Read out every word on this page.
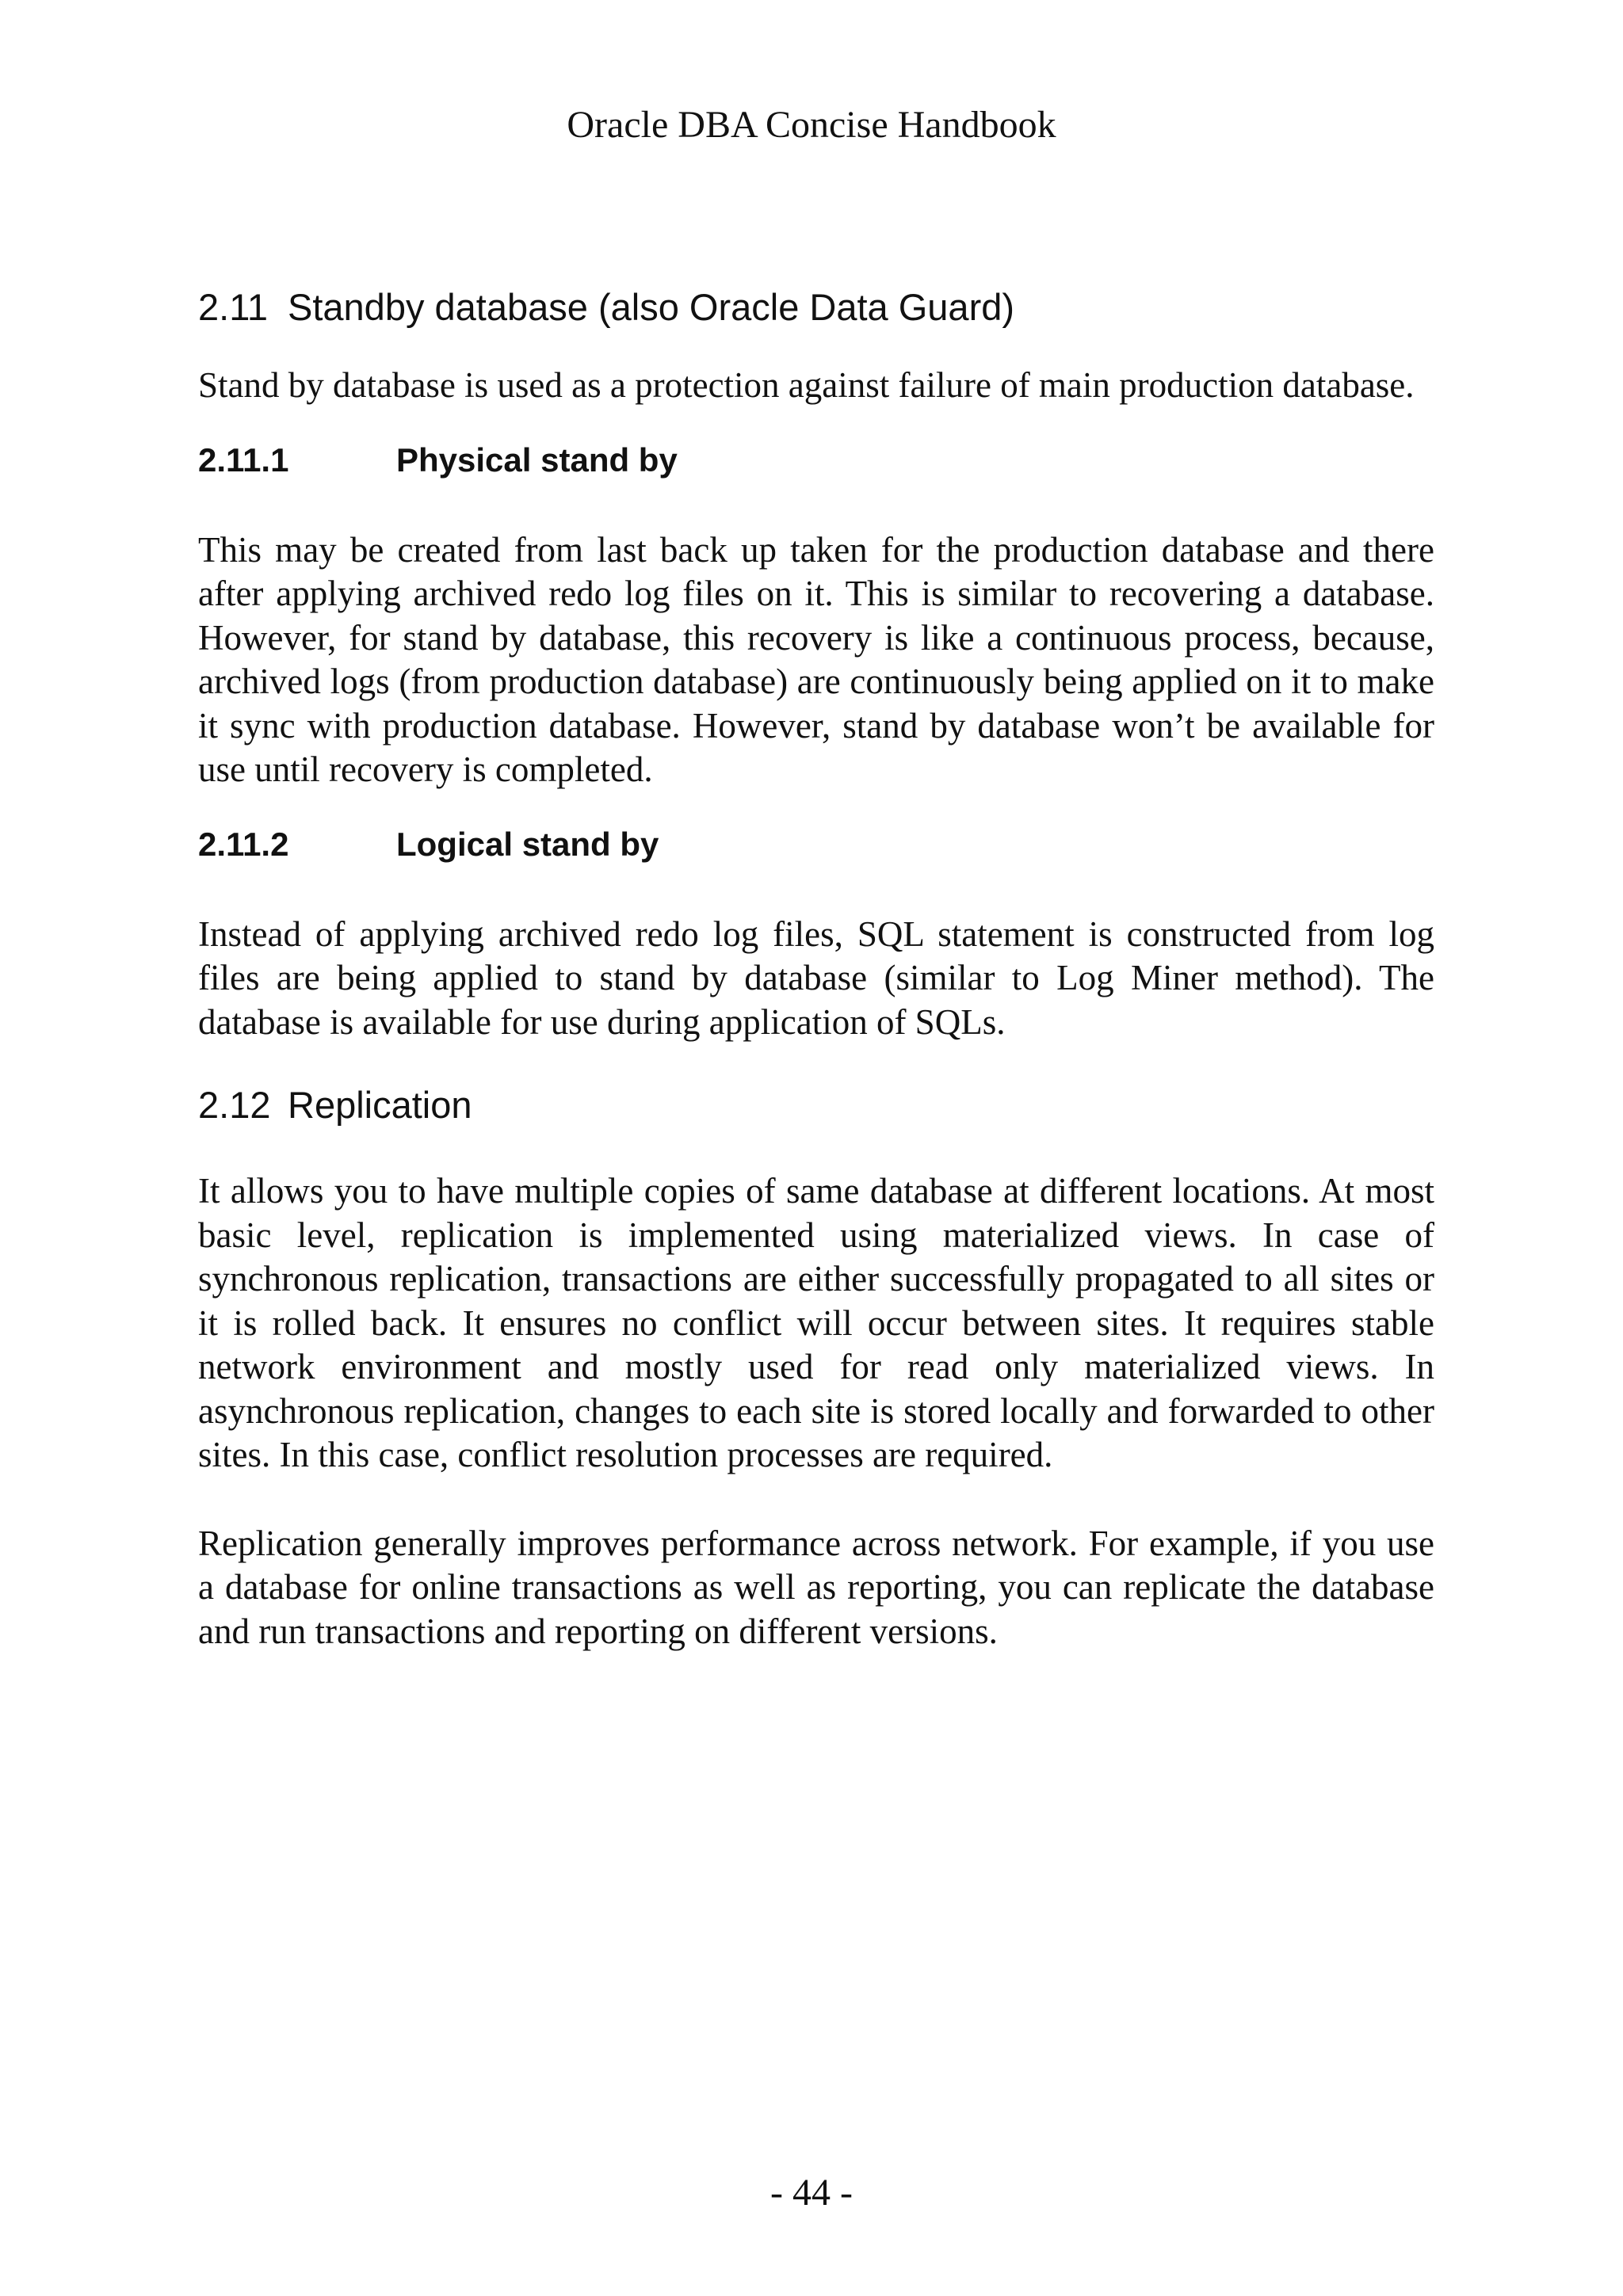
Oracle DBA Concise Handbook
2.11 Standby database (also Oracle Data Guard)

Stand by database is used as a protection against failure of main production database.

2.11.1	Physical stand by

This may be created from last back up taken for the production database and there after applying archived redo log files on it. This is similar to recovering a database. However, for stand by database, this recovery is like a continuous process, because, archived logs (from production database) are continuously being applied on it to make it sync with production database. However, stand by database won’t be available for use until recovery is completed.

2.11.2	Logical stand by

Instead of applying archived redo log files, SQL statement is constructed from log files are being applied to stand by database (similar to Log Miner method). The database is available for use during application of SQLs.

2.12 Replication

It allows you to have multiple copies of same database at different locations. At most basic level, replication is implemented using materialized views. In case of synchronous replication, transactions are either successfully propagated to all sites or it is rolled back. It ensures no conflict will occur between sites. It requires stable network environment and mostly used for read only materialized views. In asynchronous replication, changes to each site is stored locally and forwarded to other sites. In this case, conflict resolution processes are required.

Replication generally improves performance across network. For example, if you use a database for online transactions as well as reporting, you can replicate the database and run transactions and reporting on different versions.

- 44 -
